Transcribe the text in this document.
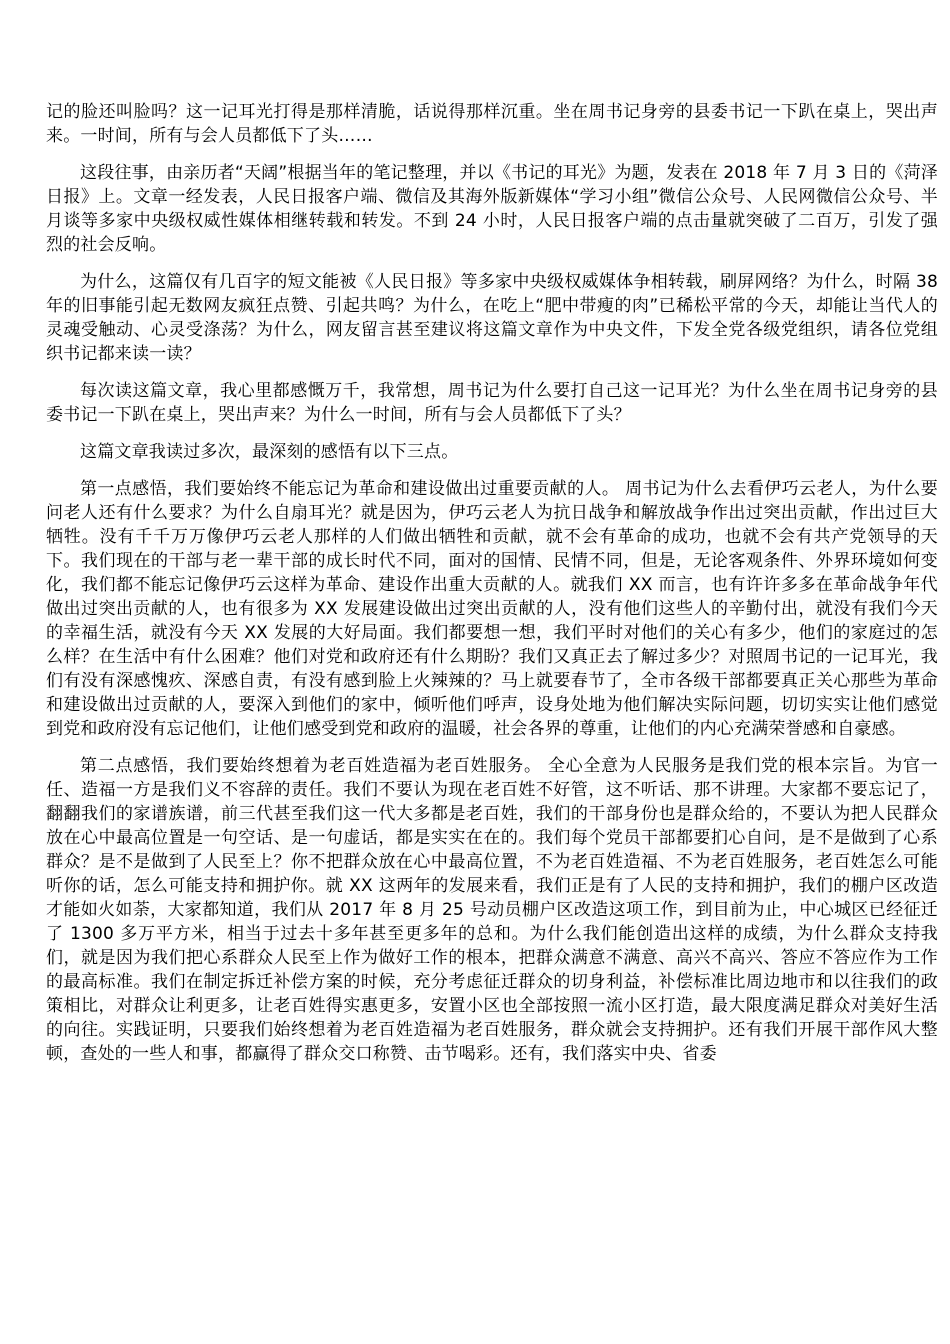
记的脸还叫脸吗？这一记耳光打得是那样清脆，话说得那样沉重。坐在周书记身旁的县委书记一下趴在桌上，哭出声来。一时间，所有与会人员都低下了头……

这段往事，由亲历者“天阔”根据当年的笔记整理，并以《书记的耳光》为题，发表在 2018 年 7 月 3 日的《菏泽日报》上。文章一经发表，人民日报客户端、微信及其海外版新媒体“学习小组”微信公众号、人民网微信公众号、半月谈等多家中央级权威性媒体相继转载和转发。不到 24 小时，人民日报客户端的点击量就突破了二百万，引发了强烈的社会反响。

为什么，这篇仅有几百字的短文能被《人民日报》等多家中央级权威媒体争相转载，刷屏网络？为什么，时隔 38 年的旧事能引起无数网友疯狂点赞、引起共鸣？为什么，在吃上“肥中带瘦的肉”已稀松平常的今天，却能让当代人的灵魂受触动、心灵受涤荡？为什么，网友留言甚至建议将这篇文章作为中央文件，下发全党各级党组织，请各位党组织书记都来读一读？

每次读这篇文章，我心里都感慨万千，我常想，周书记为什么要打自己这一记耳光？为什么坐在周书记身旁的县委书记一下趴在桌上，哭出声来？为什么一时间，所有与会人员都低下了头？

这篇文章我读过多次，最深刻的感悟有以下三点。

第一点感悟，我们要始终不能忘记为革命和建设做出过重要贡献的人。 周书记为什么去看伊巧云老人，为什么要问老人还有什么要求？为什么自扇耳光？就是因为，伊巧云老人为抗日战争和解放战争作出过突出贡献，作出过巨大牺牲。没有千千万万像伊巧云老人那样的人们做出牺牲和贡献，就不会有革命的成功，也就不会有共产党领导的天下。我们现在的干部与老一辈干部的成长时代不同，面对的国情、民情不同，但是，无论客观条件、外界环境如何变化，我们都不能忘记像伊巧云这样为革命、建设作出重大贡献的人。就我们 XX 而言，也有许许多多在革命战争年代做出过突出贡献的人，也有很多为 XX 发展建设做出过突出贡献的人，没有他们这些人的辛勤付出，就没有我们今天的幸福生活，就没有今天 XX 发展的大好局面。我们都要想一想，我们平时对他们的关心有多少，他们的家庭过的怎么样？在生活中有什么困难？他们对党和政府还有什么期盼？我们又真正去了解过多少？对照周书记的一记耳光，我们有没有深感愧疚、深感自责，有没有感到脸上火辣辣的？马上就要春节了，全市各级干部都要真正关心那些为革命和建设做出过贡献的人，要深入到他们的家中，倾听他们呼声，设身处地为他们解决实际问题，切切实实让他们感觉到党和政府没有忘记他们，让他们感受到党和政府的温暖，社会各界的尊重，让他们的内心充满荣誉感和自豪感。

第二点感悟，我们要始终想着为老百姓造福为老百姓服务。 全心全意为人民服务是我们党的根本宗旨。为官一任、造福一方是我们义不容辞的责任。我们不要认为现在老百姓不好管，这不听话、那不讲理。大家都不要忘记了，翻翻我们的家谱族谱，前三代甚至我们这一代大多都是老百姓，我们的干部身份也是群众给的，不要认为把人民群众放在心中最高位置是一句空话、是一句虚话，都是实实在在的。我们每个党员干部都要扪心自问，是不是做到了心系群众？是不是做到了人民至上？你不把群众放在心中最高位置，不为老百姓造福、不为老百姓服务，老百姓怎么可能听你的话，怎么可能支持和拥护你。就 XX 这两年的发展来看，我们正是有了人民的支持和拥护，我们的棚户区改造才能如火如荼，大家都知道，我们从 2017 年 8 月 25 号动员棚户区改造这项工作，到目前为止，中心城区已经征迁了 1300 多万平方米，相当于过去十多年甚至更多年的总和。为什么我们能创造出这样的成绩，为什么群众支持我们，就是因为我们把心系群众人民至上作为做好工作的根本，把群众满意不满意、高兴不高兴、答应不答应作为工作的最高标准。我们在制定拆迁补偿方案的时候，充分考虑征迁群众的切身利益，补偿标准比周边地市和以往我们的政策相比，对群众让利更多，让老百姓得实惠更多，安置小区也全部按照一流小区打造，最大限度满足群众对美好生活的向往。实践证明，只要我们始终想着为老百姓造福为老百姓服务，群众就会支持拥护。还有我们开展干部作风大整顿，查处的一些人和事，都赢得了群众交口称赞、击节喝彩。还有，我们落实中央、省委
